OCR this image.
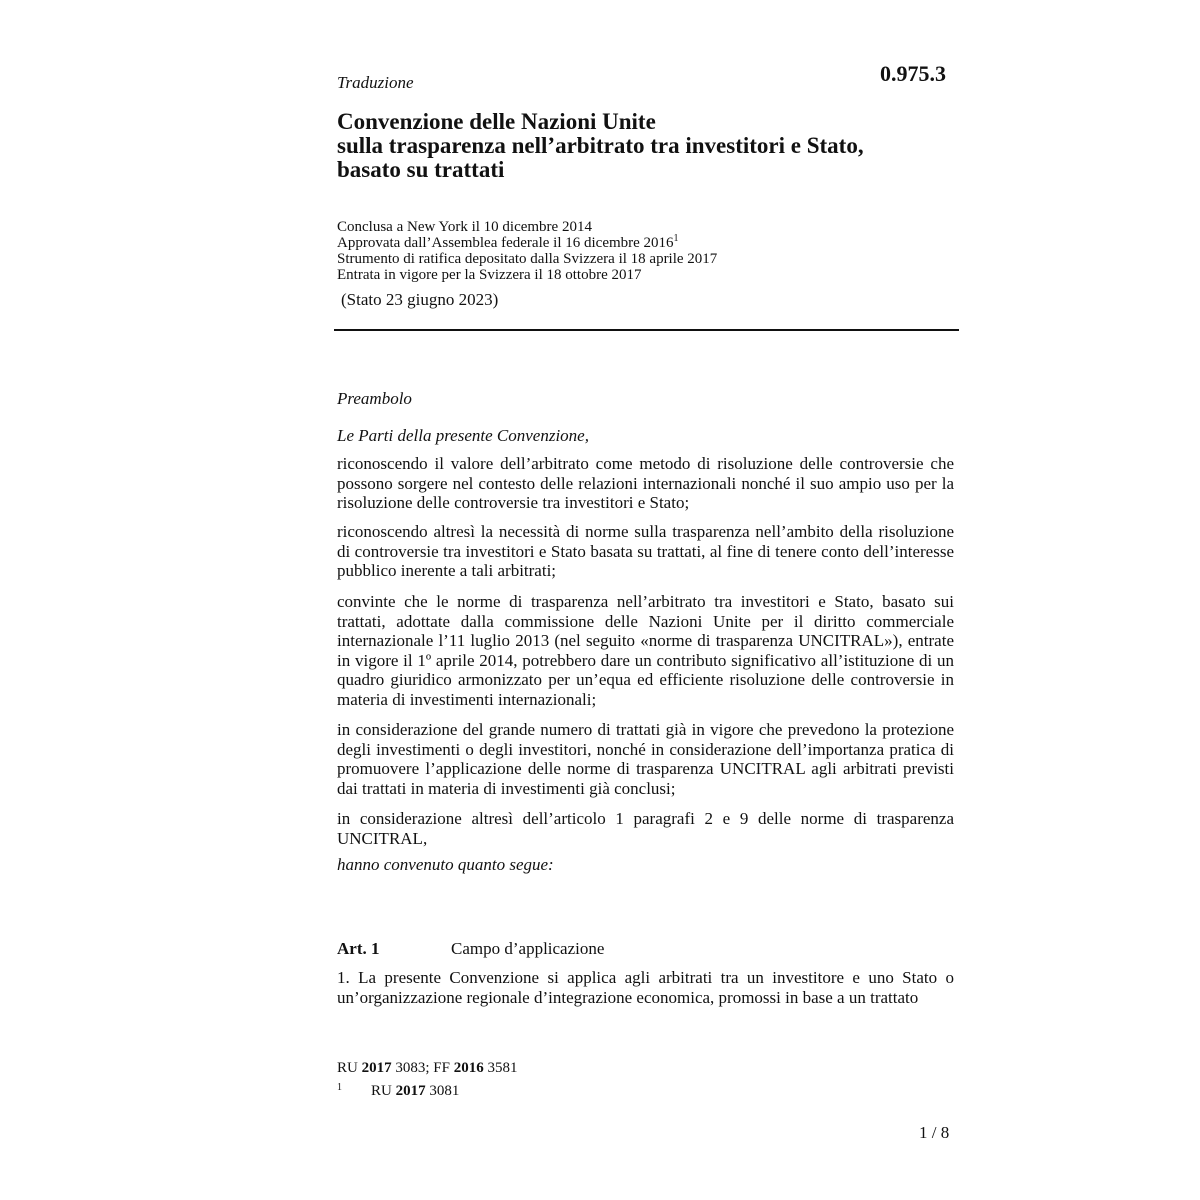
Traduzione	0.975.3
Convenzione delle Nazioni Unite
sulla trasparenza nell’arbitrato tra investitori e Stato,
basato su trattati
Conclusa a New York il 10 dicembre 2014
Approvata dall’Assemblea federale il 16 dicembre 2016$^1$
Strumento di ratifica depositato dalla Svizzera il 18 aprile 2017
Entrata in vigore per la Svizzera il 18 ottobre 2017
(Stato 23 giugno 2023)
Preambolo
Le Parti della presente Convenzione,
riconoscendo il valore dell’arbitrato come metodo di risoluzione delle controversie che possono sorgere nel contesto delle relazioni internazionali nonché il suo ampio uso per la risoluzione delle controversie tra investitori e Stato;
riconoscendo altresì la necessità di norme sulla trasparenza nell’ambito della risoluzione di controversie tra investitori e Stato basata su trattati, al fine di tenere conto dell’interesse pubblico inerente a tali arbitrati;
convinte che le norme di trasparenza nell’arbitrato tra investitori e Stato, basato sui trattati, adottate dalla commissione delle Nazioni Unite per il diritto commerciale internazionale l’11 luglio 2013 (nel seguito «norme di trasparenza UNCITRAL»), entrate in vigore il 1º aprile 2014, potrebbero dare un contributo significativo all’istituzione di un quadro giuridico armonizzato per un’equa ed efficiente risoluzione delle controversie in materia di investimenti internazionali;
in considerazione del grande numero di trattati già in vigore che prevedono la protezione degli investimenti o degli investitori, nonché in considerazione dell’importanza pratica di promuovere l’applicazione delle norme di trasparenza UNCITRAL agli arbitrati previsti dai trattati in materia di investimenti già conclusi;
in considerazione altresì dell’articolo 1 paragrafi 2 e 9 delle norme di trasparenza UNCITRAL,
hanno convenuto quanto segue:
Art. 1	Campo d’applicazione
1. La presente Convenzione si applica agli arbitrati tra un investitore e uno Stato o un’organizzazione regionale d’integrazione economica, promossi in base a un trattato
RU 2017 3083; FF 2016 3581
1 RU 2017 3081
1 / 8
